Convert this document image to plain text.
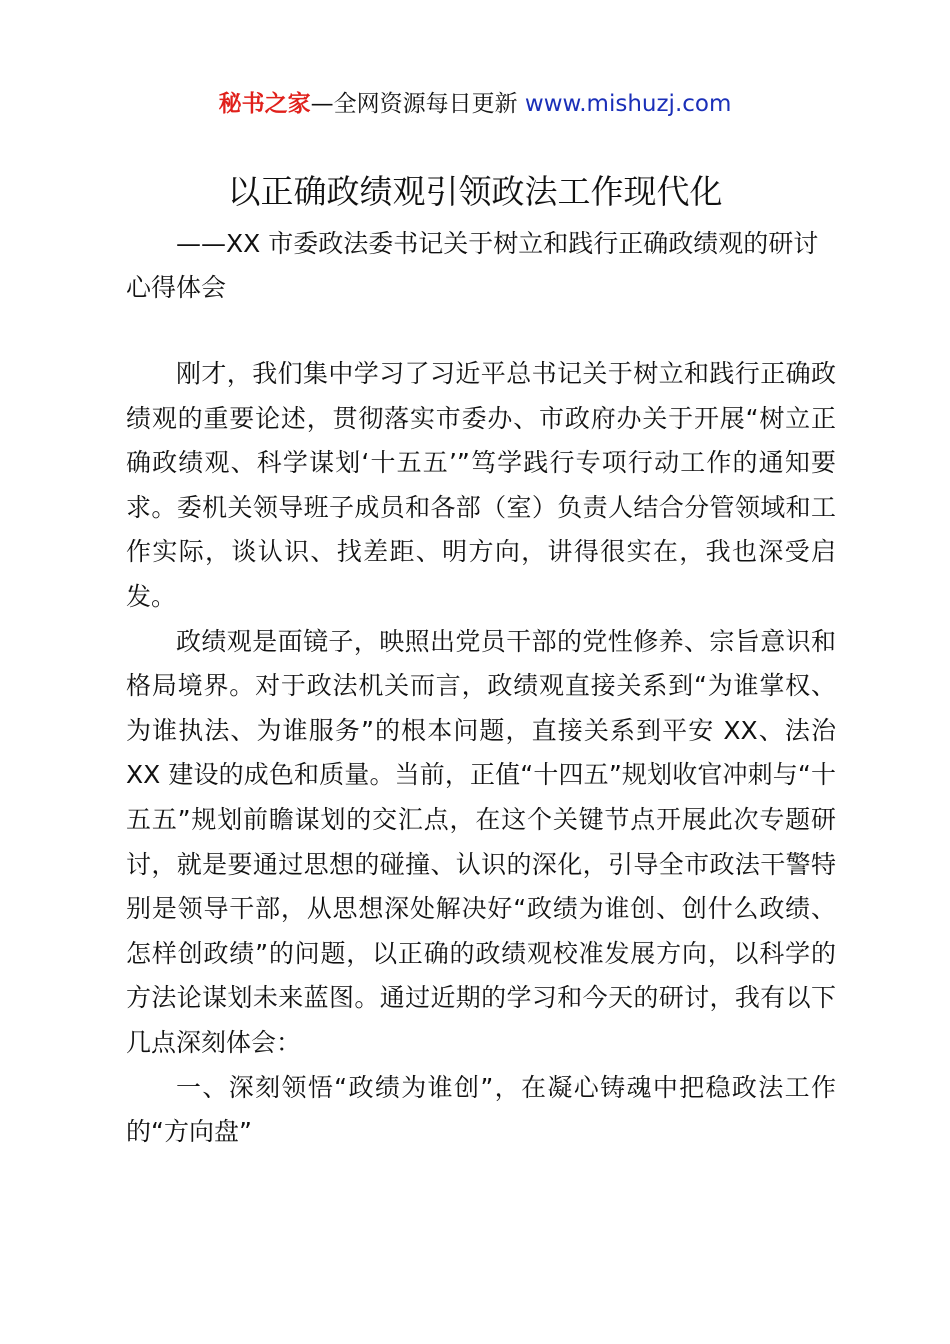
秘书之家—全网资源每日更新 www.mishuzj.com
以正确政绩观引领政法工作现代化

——XX 市委政法委书记关于树立和践行正确政绩观的研讨心得体会

刚才，我们集中学习了习近平总书记关于树立和践行正确政绩观的重要论述，贯彻落实市委办、市政府办关于开展“树立正确政绩观、科学谋划‘十五五’”笃学践行专项行动工作的通知要求。委机关领导班子成员和各部（室）负责人结合分管领域和工作实际，谈认识、找差距、明方向，讲得很实在，我也深受启发。

政绩观是面镜子，映照出党员干部的党性修养、宗旨意识和格局境界。对于政法机关而言，政绩观直接关系到“为谁掌权、为谁执法、为谁服务”的根本问题，直接关系到平安 XX、法治 XX 建设的成色和质量。当前，正值“十四五”规划收官冲刺与“十五五”规划前瞻谋划的交汇点，在这个关键节点开展此次专题研讨，就是要通过思想的碰撞、认识的深化，引导全市政法干警特别是领导干部，从思想深处解决好“政绩为谁创、创什么政绩、怎样创政绩”的问题，以正确的政绩观校准发展方向，以科学的方法论谋划未来蓝图。通过近期的学习和今天的研讨，我有以下几点深刻体会：

一、深刻领悟“政绩为谁创”，在凝心铸魂中把稳政法工作的“方向盘”
